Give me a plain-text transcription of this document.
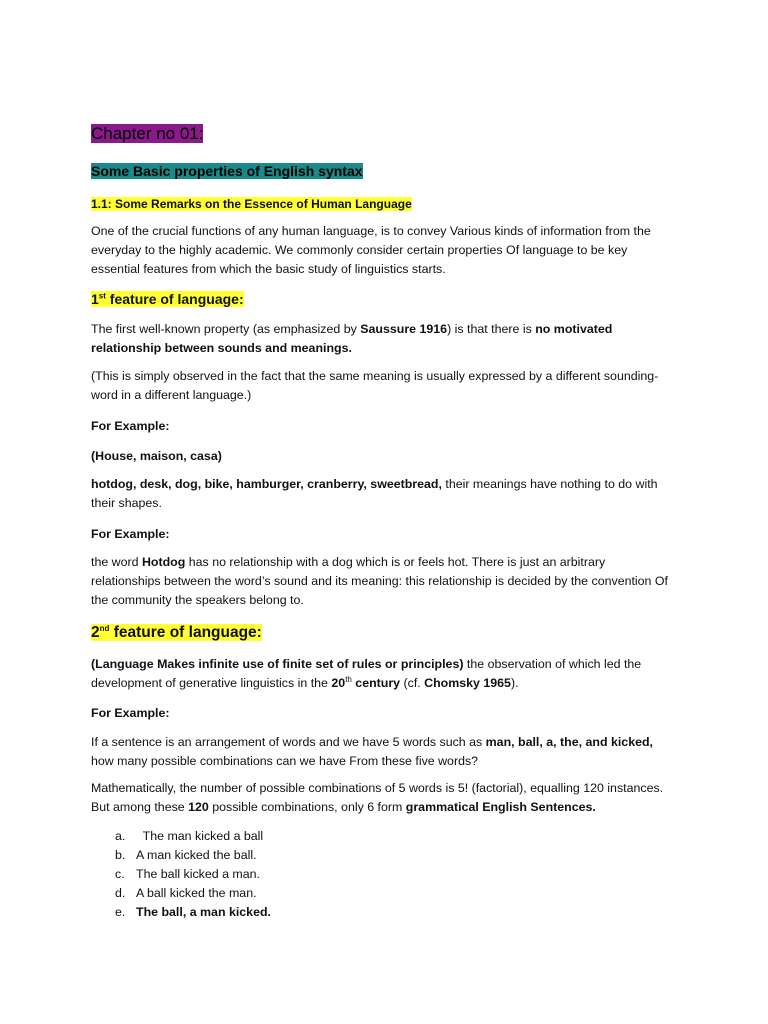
Chapter no 01:
Some Basic properties of English syntax
1.1: Some Remarks on the Essence of Human Language
One of the crucial functions of any human language, is to convey Various kinds of information from the everyday to the highly academic. We commonly consider certain properties Of language to be key essential features from which the basic study of linguistics starts.
1st feature of language:
The first well-known property (as emphasized by Saussure 1916) is that there is no motivated relationship between sounds and meanings.
(This is simply observed in the fact that the same meaning is usually expressed by a different sounding-word in a different language.)
For Example:
(House, maison, casa)
hotdog, desk, dog, bike, hamburger, cranberry, sweetbread, their meanings have nothing to do with their shapes.
For Example:
the word Hotdog has no relationship with a dog which is or feels hot. There is just an arbitrary relationships between the word’s sound and its meaning: this relationship is decided by the convention Of the community the speakers belong to.
2nd feature of language:
(Language Makes infinite use of finite set of rules or principles) the observation of which led the development of generative linguistics in the 20th century (cf. Chomsky 1965).
For Example:
If a sentence is an arrangement of words and we have 5 words such as man, ball, a, the, and kicked, how many possible combinations can we have From these five words?
Mathematically, the number of possible combinations of 5 words is 5! (factorial), equalling 120 instances. But among these 120 possible combinations, only 6 form grammatical English Sentences.
a. The man kicked a ball
b. A man kicked the ball.
c. The ball kicked a man.
d. A ball kicked the man.
e. The ball, a man kicked.
